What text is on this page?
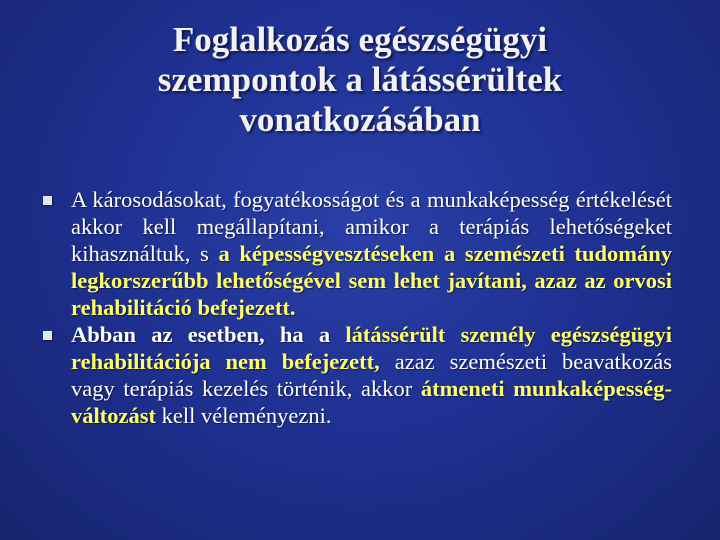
Foglalkozás egészségügyi
szempontok a látássérültek
vonatkozásában
A károsodásokat, fogyatékosságot és a munkaképesség értékelését akkor kell megállapítani, amikor a terápiás lehetőségeket kihasználtuk, s a képességvesztéseken a szemészeti tudomány legkorszerűbb lehetőségével sem lehet javítani, azaz az orvosi rehabilitáció befejezett.
Abban az esetben, ha a látássérült személy egészségügyi rehabilitációja nem befejezett, azaz szemészeti beavatkozás vagy terápiás kezelés történik, akkor átmeneti munkaképesség-változást kell véleményezni.
